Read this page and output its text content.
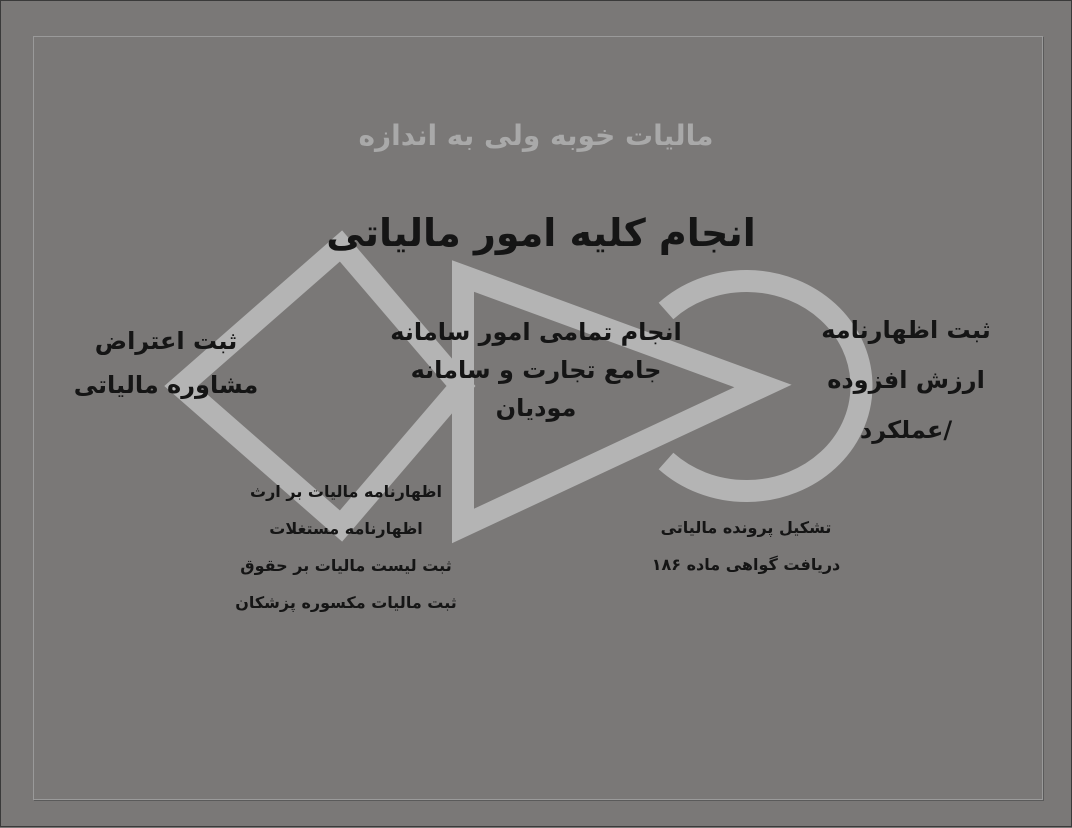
مالیات خوبه ولی به اندازه
انجام کلیه امور مالیاتی
ثبت اعتراض
مشاوره مالیاتی
انجام تمامی امور سامانه
جامع تجارت و سامانه
مودیان
ثبت اظهارنامه
ارزش افزوده
/عملکرد
اظهارنامه مالیات بر ارث
اظهارنامه مستغلات
ثبت لیست مالیات بر حقوق
ثبت مالیات مکسوره پزشکان
تشکیل پرونده مالیاتی
دریافت گواهی ماده ۱۸۶
